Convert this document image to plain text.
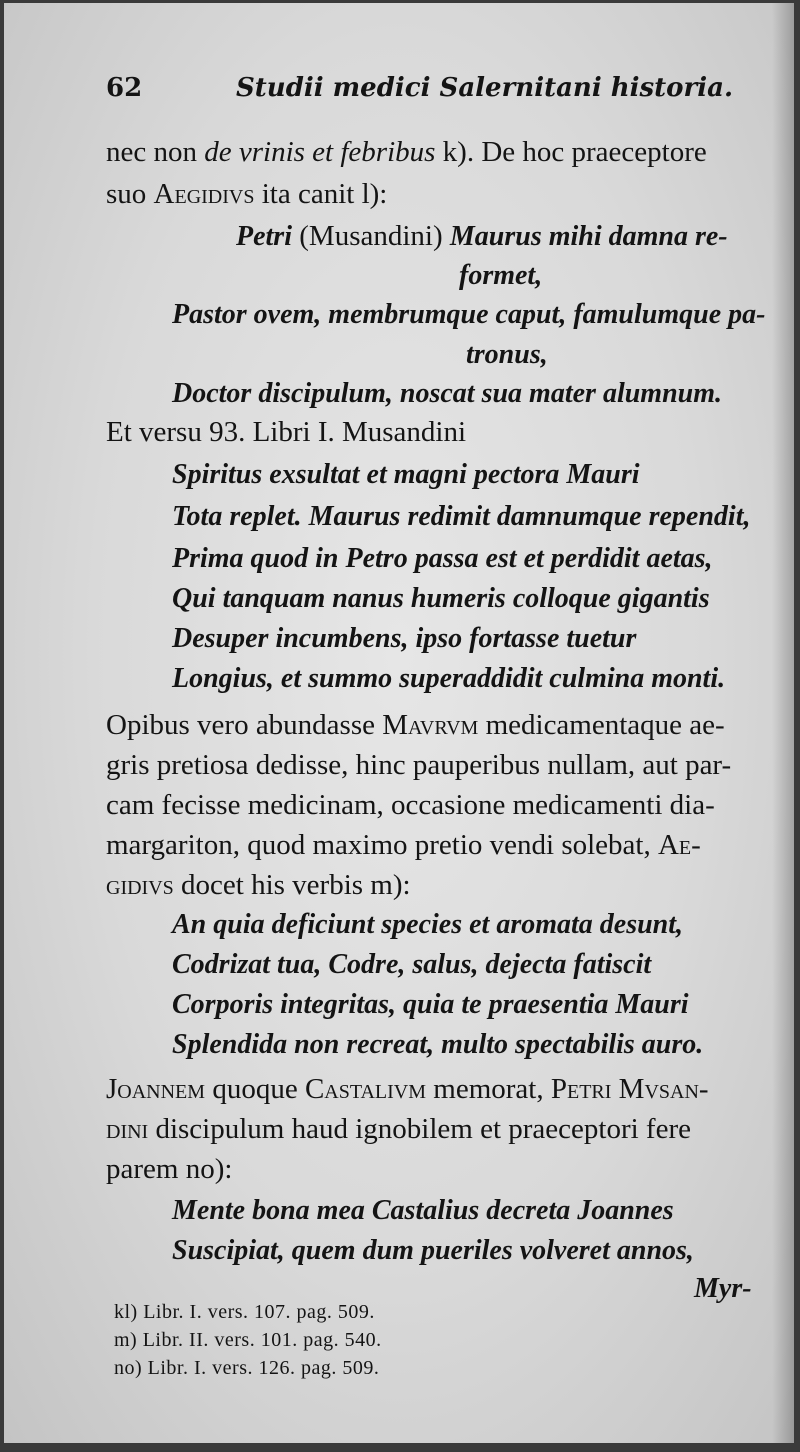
62	Studii medici Salernitani historia.
nec non de vrinis et febribus k). De hoc praeceptore
suo Aegidivs ita canit l):
Petri (Musandini) Maurus mihi damna re-
formet,
Pastor ovem, membrumque caput, famulumque pa-
tronus,
Doctor discipulum, noscat sua mater alumnum.
Et versu 93. Libri I. Musandini
Spiritus exsultat et magni pectora Mauri
Tota replet. Maurus redimit damnumque rependit,
Prima quod in Petro passa est et perdidit aetas,
Qui tanquam nanus humeris colloque gigantis
Desuper incumbens, ipso fortasse tuetur
Longius, et summo superaddidit culmina monti.
Opibus vero abundasse Mavrvm medicamentaque ae-
gris pretiosa dedisse, hinc pauperibus nullam, aut par-
cam fecisse medicinam, occasione medicamenti dia-
margariton, quod maximo pretio vendi solebat, Ae-
gidivs docet his verbis m):
An quia deficiunt species et aromata desunt,
Codrizat tua, Codre, salus, dejecta fatiscit
Corporis integritas, quia te praesentia Mauri
Splendida non recreat, multo spectabilis auro.
Joannem quoque Castalivm memorat, Petri Mvsan-
dini discipulum haud ignobilem et praeceptori fere
parem no):
Mente bona mea Castalius decreta Joannes
Suscipiat, quem dum pueriles volveret annos,
Myr-
kl) Libr. I. vers. 107. pag. 509.
m) Libr. II. vers. 101. pag. 540.
no) Libr. I. vers. 126. pag. 509.
